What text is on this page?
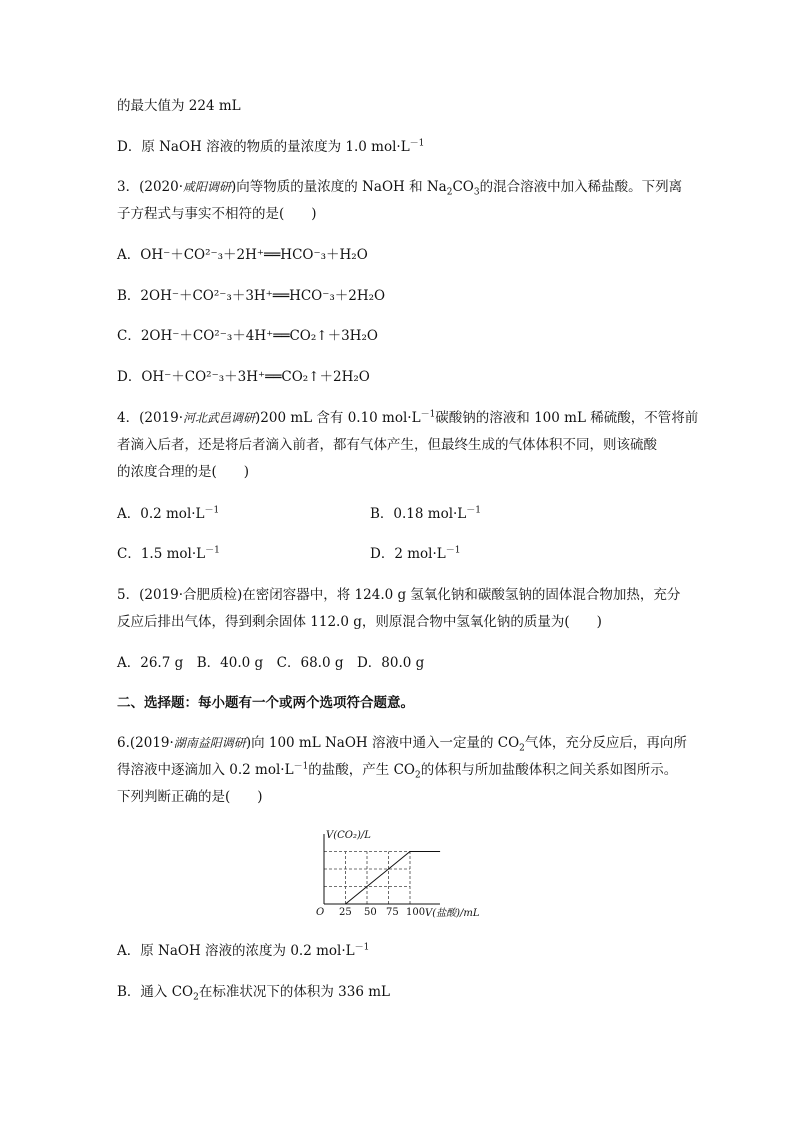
的最大值为 224 mL
D．原 NaOH 溶液的物质的量浓度为 1.0 $mol\cdot L^{-1}$
3．(2020·咸阳调研)向等物质的量浓度的 NaOH 和 $Na_2CO_3$的混合溶液中加入稀盐酸。下列离
子方程式与事实不相符的是(　　)
A．OH⁻＋CO²⁻₃＋2H⁺══HCO⁻₃＋H₂O
B．2OH⁻＋CO²⁻₃＋3H⁺══HCO⁻₃＋2H₂O
C．2OH⁻＋CO²⁻₃＋4H⁺══CO₂↑＋3H₂O
D．OH⁻＋CO²⁻₃＋3H⁺══CO₂↑＋2H₂O
4．(2019·河北武邑调研)200 mL 含有 0.10 $mol\cdot L^{-1}$碳酸钠的溶液和 100 mL 稀硫酸，不管将前
者滴入后者，还是将后者滴入前者，都有气体产生，但最终生成的气体体积不同，则该硫酸
的浓度合理的是(　　)
A．0.2 $mol\cdot L^{-1}$	B．0.18 $mol\cdot L^{-1}$
C．1.5 $mol\cdot L^{-1}$	D．2 $mol\cdot L^{-1}$
5．(2019·合肥质检)在密闭容器中，将 124.0 g 氢氧化钠和碳酸氢钠的固体混合物加热，充分
反应后排出气体，得到剩余固体 112.0 g，则原混合物中氢氧化钠的质量为(　　)
A．26.7 g　B．40.0 g　C．68.0 g　D．80.0 g
二、选择题：每小题有一个或两个选项符合题意。
6.(2019·湖南益阳调研)向 100 mL NaOH 溶液中通入一定量的 $CO_2$气体，充分反应后，再向所
得溶液中逐滴加入 0.2 $mol\cdot L^{-1}$的盐酸，产生 $CO_2$的体积与所加盐酸体积之间关系如图所示。
下列判断正确的是(　　)
V(CO₂)/L
O 25 50 75 100 V(盐酸)/mL
A．原 NaOH 溶液的浓度为 0.2 $mol\cdot L^{-1}$
B．通入 $CO_2$在标准状况下的体积为 336 mL
